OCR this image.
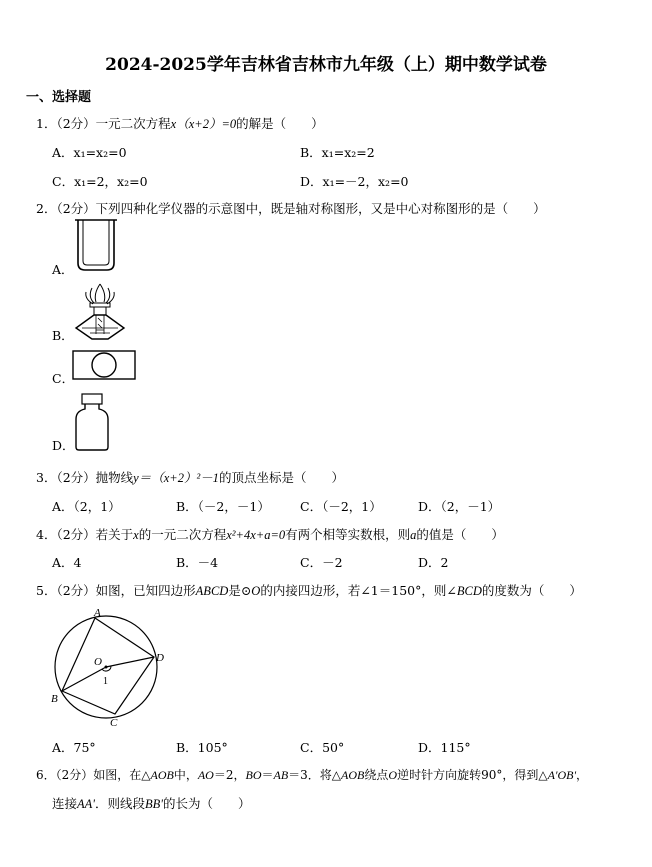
2024-2025学年吉林省吉林市九年级（上）期中数学试卷
一、选择题
1．（2分）一元二次方程x（x+2）=0的解是（　　）
A．x₁=x₂=0	B．x₁=x₂=2
C．x₁=2，x₂=0	D．x₁=－2，x₂=0
2．（2分）下列四种化学仪器的示意图中，既是轴对称图形，又是中心对称图形的是（　　）
A．
B．
C．
D．
3．（2分）抛物线y＝（x+2）²－1的顶点坐标是（　　）
A．（2，1）	B．（－2，－1） C．（－2，1）	D．（2，－1）
4．（2分）若关于x的一元二次方程x²+4x+a=0有两个相等实数根，则a的值是（　　）
A．4	B．－4	C．－2	D．2
5．（2分）如图，已知四边形ABCD是⊙O的内接四边形，若∠1＝150°，则∠BCD的度数为（　　）
A
D
B
C
O
1
A．75°	B．105°	C．50°	D．115°
6．（2分）如图，在△AOB中，AO＝2，BO＝AB＝3．将△AOB绕点O逆时针方向旋转90°，得到△A'OB'，
连接AA'．则线段BB'的长为（　　）
